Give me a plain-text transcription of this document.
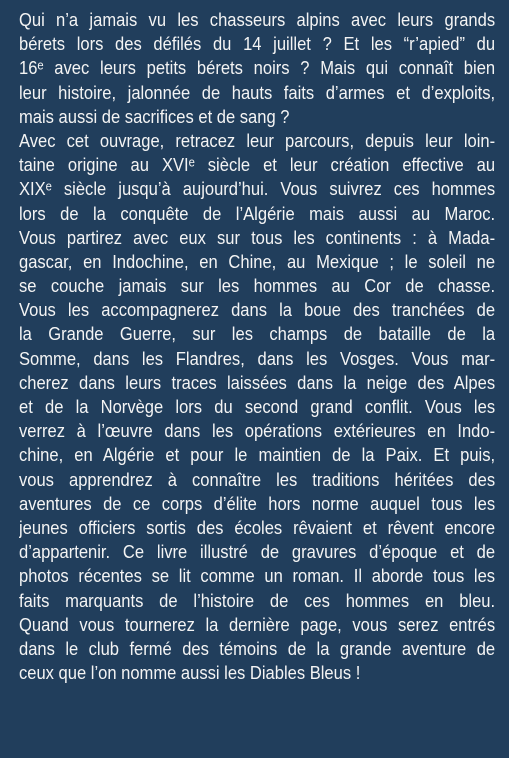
Qui n’a jamais vu les chasseurs alpins avec leurs grands
bérets lors des défilés du 14 juillet ? Et les “r’apied” du
16ᵉ avec leurs petits bérets noirs ? Mais qui connaît bien
leur histoire, jalonnée de hauts faits d’armes et d’exploits,
mais aussi de sacrifices et de sang ?
Avec cet ouvrage, retracez leur parcours, depuis leur loin-
taine origine au XVIᵉ siècle et leur création effective au
XIXᵉ siècle jusqu’à aujourd’hui. Vous suivrez ces hommes
lors de la conquête de l’Algérie mais aussi au Maroc.
Vous partirez avec eux sur tous les continents : à Mada-
gascar, en Indochine, en Chine, au Mexique ; le soleil ne
se couche jamais sur les hommes au Cor de chasse.
Vous les accompagnerez dans la boue des tranchées de
la Grande Guerre, sur les champs de bataille de la
Somme, dans les Flandres, dans les Vosges. Vous mar-
cherez dans leurs traces laissées dans la neige des Alpes
et de la Norvège lors du second grand conflit. Vous les
verrez à l’œuvre dans les opérations extérieures en Indo-
chine, en Algérie et pour le maintien de la Paix. Et puis,
vous apprendrez à connaître les traditions héritées des
aventures de ce corps d’élite hors norme auquel tous les
jeunes officiers sortis des écoles rêvaient et rêvent encore
d’appartenir. Ce livre illustré de gravures d’époque et de
photos récentes se lit comme un roman. Il aborde tous les
faits marquants de l’histoire de ces hommes en bleu.
Quand vous tournerez la dernière page, vous serez entrés
dans le club fermé des témoins de la grande aventure de
ceux que l’on nomme aussi les Diables Bleus !
